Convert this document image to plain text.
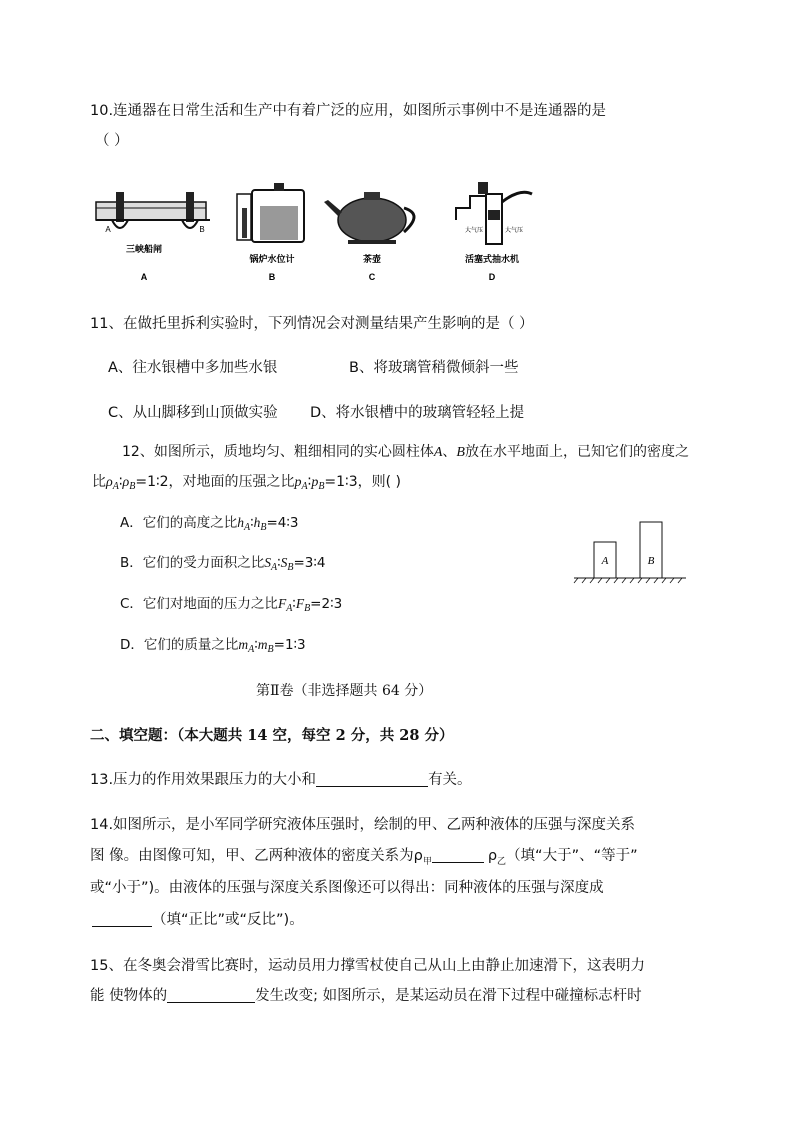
10.连通器在日常生活和生产中有着广泛的应用，如图所示事例中不是连通器的是
（ ）
A	B
三峡船闸
A
锅炉水位计
B
茶壶
C
大气压	大气压
活塞式抽水机
D
11、在做托里拆利实验时，下列情况会对测量结果产生影响的是（ ）
A、往水银槽中多加些水银	B、将玻璃管稍微倾斜一些
C、从山脚移到山顶做实验 D、将水银槽中的玻璃管轻轻上提
12、如图所示，质地均匀、粗细相同的实心圆柱体A、B放在水平地面上，已知它们的密度之
比$\rho_A∶\rho_B=1∶2$，对地面的压强之比$p_A∶p_B=1∶3$，则( )
A．它们的高度之比$h_A∶h_B=4∶3$
B．它们的受力面积之比$S_A∶S_B=3∶4$
C．它们对地面的压力之比$F_A∶F_B=2∶3$
D．它们的质量之比$m_A∶m_B=1∶3$
A	B
第Ⅱ卷（非选择题共 64 分）
二、填空题：（本大题共 14 空，每空 2 分，共 28 分）
13.压力的作用效果跟压力的大小和	有关。
14.如图所示，是小军同学研究液体压强时，绘制的甲、乙两种液体的压强与深度关系
图 像。由图像可知，甲、乙两种液体的密度关系为$\rho_甲$	$\rho_乙$（填“大于”、“等于”
或“小于”)。由液体的压强与深度关系图像还可以得出：同种液体的压强与深度成
（填“正比”或“反比”)。
15、在冬奥会滑雪比赛时，运动员用力撑雪杖使自己从山上由静止加速滑下，这表明力
能 使物体的	发生改变; 如图所示，是某运动员在滑下过程中碰撞标志杆时
